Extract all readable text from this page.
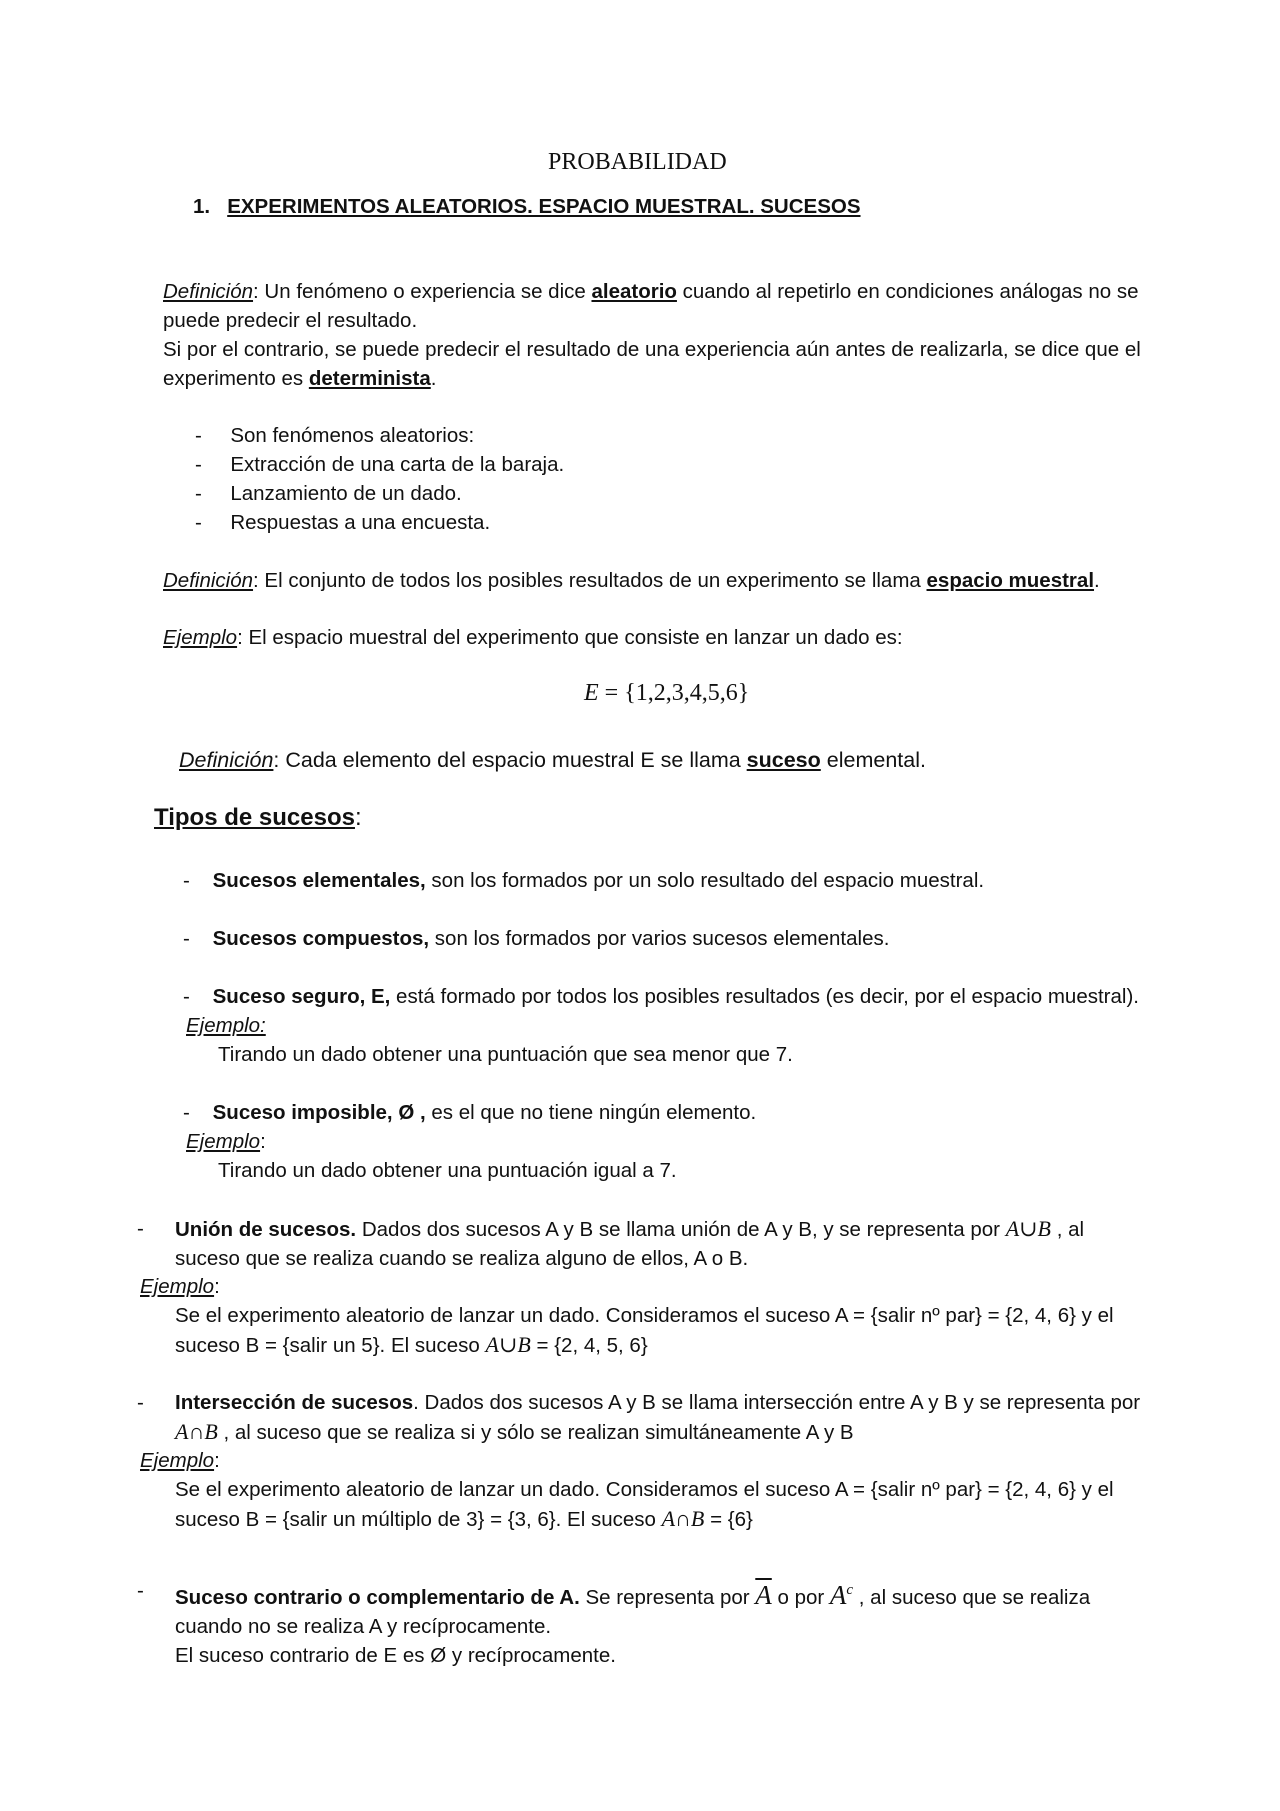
PROBABILIDAD
1. EXPERIMENTOS ALEATORIOS. ESPACIO MUESTRAL. SUCESOS
Definición: Un fenómeno o experiencia se dice aleatorio cuando al repetirlo en condiciones análogas no se
puede predecir el resultado.
Si por el contrario, se puede predecir el resultado de una experiencia aún antes de realizarla, se dice que el
experimento es determinista.
- Son fenómenos aleatorios:
- Extracción de una carta de la baraja.
- Lanzamiento de un dado.
- Respuestas a una encuesta.
Definición: El conjunto de todos los posibles resultados de un experimento se llama espacio muestral.
Ejemplo: El espacio muestral del experimento que consiste en lanzar un dado es:
E = {1,2,3,4,5,6}
Definición: Cada elemento del espacio muestral E se llama suceso elemental.
Tipos de sucesos:
- Sucesos elementales, son los formados por un solo resultado del espacio muestral.
- Sucesos compuestos, son los formados por varios sucesos elementales.
- Suceso seguro, E, está formado por todos los posibles resultados (es decir, por el espacio muestral).
Ejemplo:
Tirando un dado obtener una puntuación que sea menor que 7.
- Suceso imposible, Ø , es el que no tiene ningún elemento.
Ejemplo:
Tirando un dado obtener una puntuación igual a 7.
- Unión de sucesos. Dados dos sucesos A y B se llama unión de A y B, y se representa por A∪B , al
suceso que se realiza cuando se realiza alguno de ellos, A o B.
Ejemplo:
Se el experimento aleatorio de lanzar un dado. Consideramos el suceso A = {salir nº par} = {2, 4, 6} y el
suceso B = {salir un 5}. El suceso A∪B = {2, 4, 5, 6}
- Intersección de sucesos. Dados dos sucesos A y B se llama intersección entre A y B y se representa por
A∩B , al suceso que se realiza si y sólo se realizan simultáneamente A y B
Ejemplo:
Se el experimento aleatorio de lanzar un dado. Consideramos el suceso A = {salir nº par} = {2, 4, 6} y el
suceso B = {salir un múltiplo de 3} = {3, 6}. El suceso A∩B = {6}
- Suceso contrario o complementario de A. Se representa por $\overline{A}$ o por $A^c$ , al suceso que se realiza
cuando no se realiza A y recíprocamente.
El suceso contrario de E es Ø y recíprocamente.
